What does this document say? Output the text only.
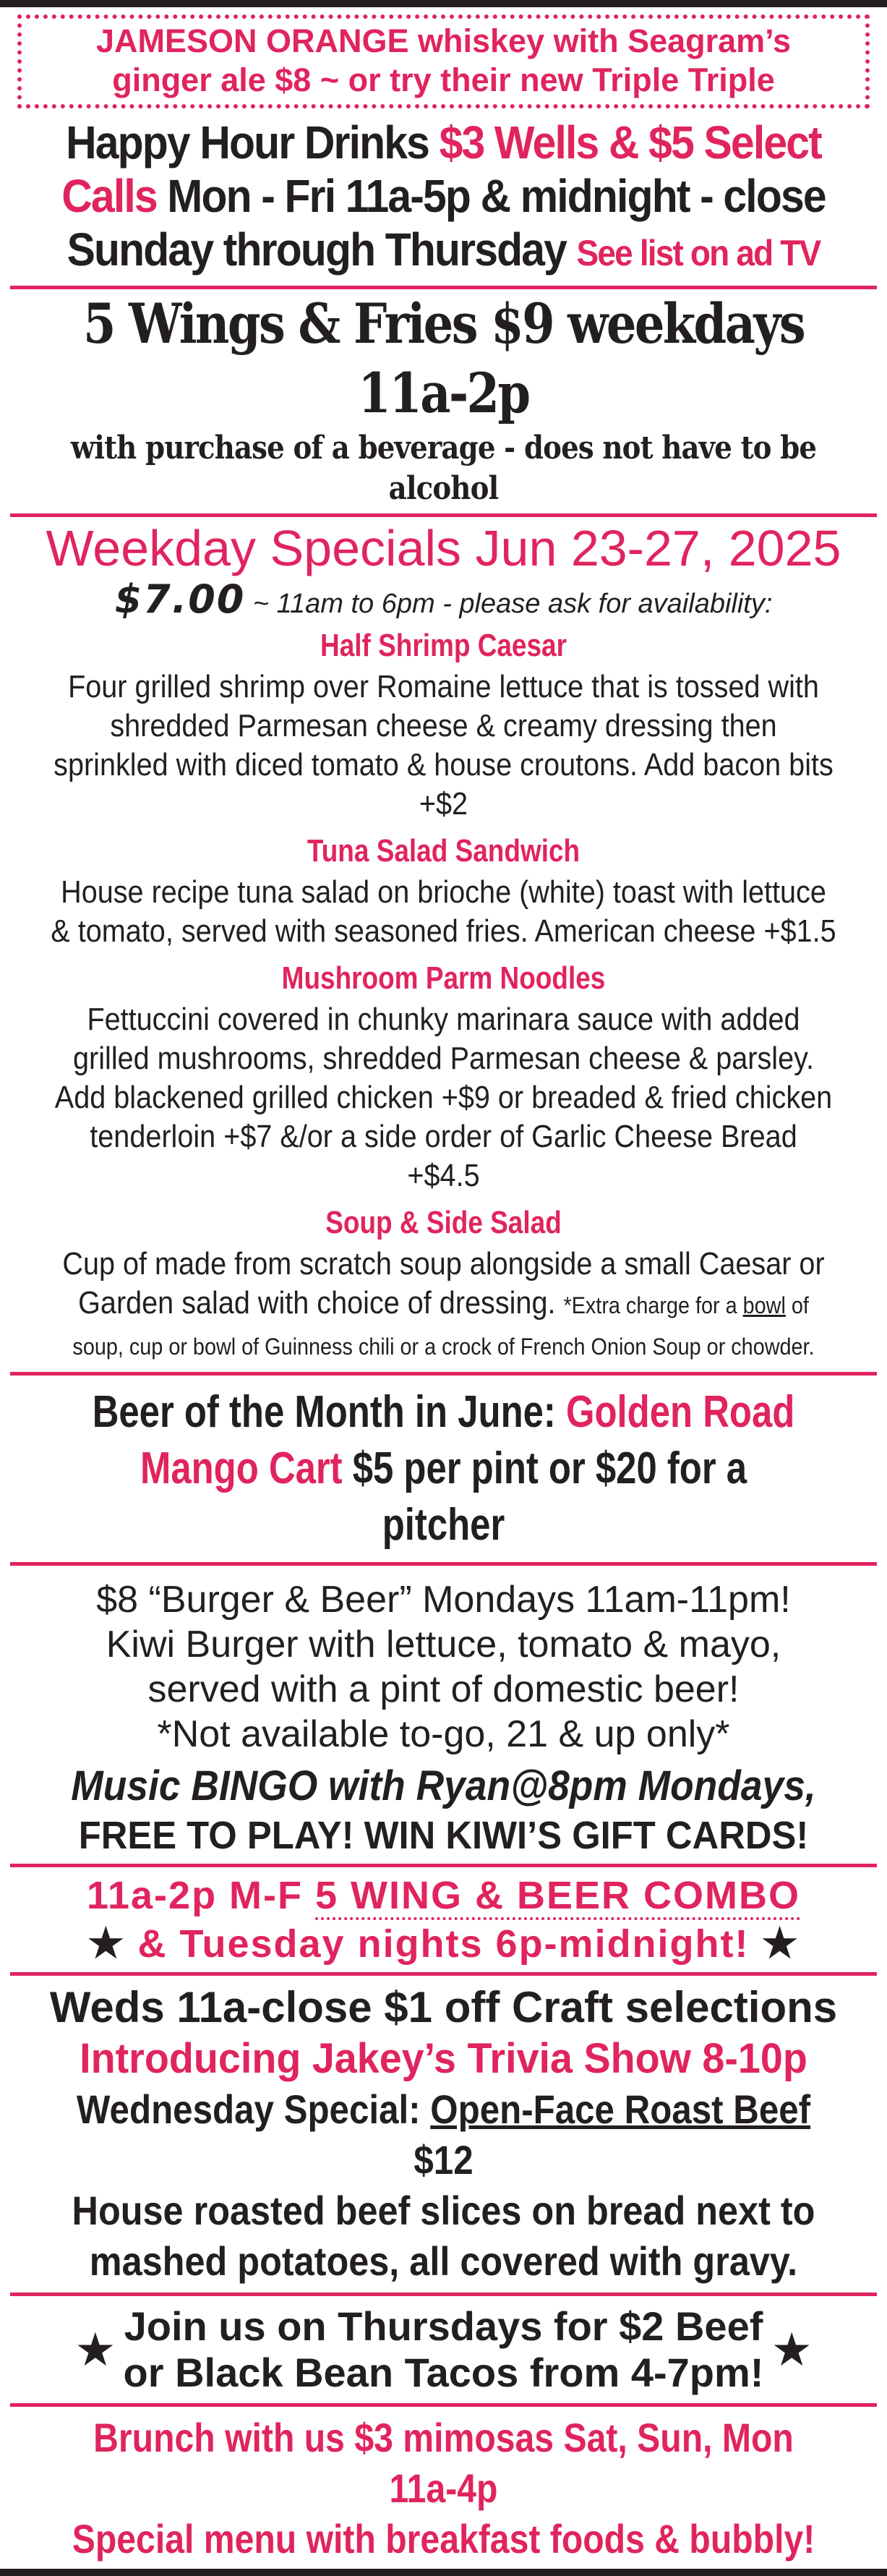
JAMESON ORANGE whiskey with Seagram’s
ginger ale $8 ~ or try their new Triple Triple
Happy Hour Drinks $3 Wells & $5 Select
Calls Mon - Fri 11a-5p & midnight - close
Sunday through Thursday See list on ad TV
5 Wings & Fries $9 weekdays 11a-2p
with purchase of a beverage - does not have to be alcohol
Weekday Specials Jun 23-27, 2025
$7.00 ~ 11am to 6pm - please ask for availability:
Half Shrimp Caesar
Four grilled shrimp over Romaine lettuce that is tossed with shredded Parmesan cheese & creamy dressing then sprinkled with diced tomato & house croutons. Add bacon bits +$2
Tuna Salad Sandwich
House recipe tuna salad on brioche (white) toast with lettuce & tomato, served with seasoned fries. American cheese +$1.5
Mushroom Parm Noodles
Fettuccini covered in chunky marinara sauce with added grilled mushrooms, shredded Parmesan cheese & parsley. Add blackened grilled chicken +$9 or breaded & fried chicken tenderloin +$7 &/or a side order of Garlic Cheese Bread +$4.5
Soup & Side Salad
Cup of made from scratch soup alongside a small Caesar or Garden salad with choice of dressing. *Extra charge for a bowl of soup, cup or bowl of Guinness chili or a crock of French Onion Soup or chowder.
Beer of the Month in June: Golden Road
Mango Cart $5 per pint or $20 for a pitcher
$8 “Burger & Beer” Mondays 11am-11pm!
Kiwi Burger with lettuce, tomato & mayo,
served with a pint of domestic beer!
*Not available to-go, 21 & up only*
Music BINGO with Ryan@8pm Mondays,
FREE TO PLAY! WIN KIWI’S GIFT CARDS!
11a-2p M-F 5 WING & BEER COMBO
★ & Tuesday nights 6p-midnight! ★
Weds 11a-close $1 off Craft selections
Introducing Jakey’s Trivia Show 8-10p
Wednesday Special: Open-Face Roast Beef $12
House roasted beef slices on bread next to
mashed potatoes, all covered with gravy.
★ Join us on Thursdays for $2 Beef
or Black Bean Tacos from 4-7pm! ★
Brunch with us $3 mimosas Sat, Sun, Mon 11a-4p
Special menu with breakfast foods & bubbly!
